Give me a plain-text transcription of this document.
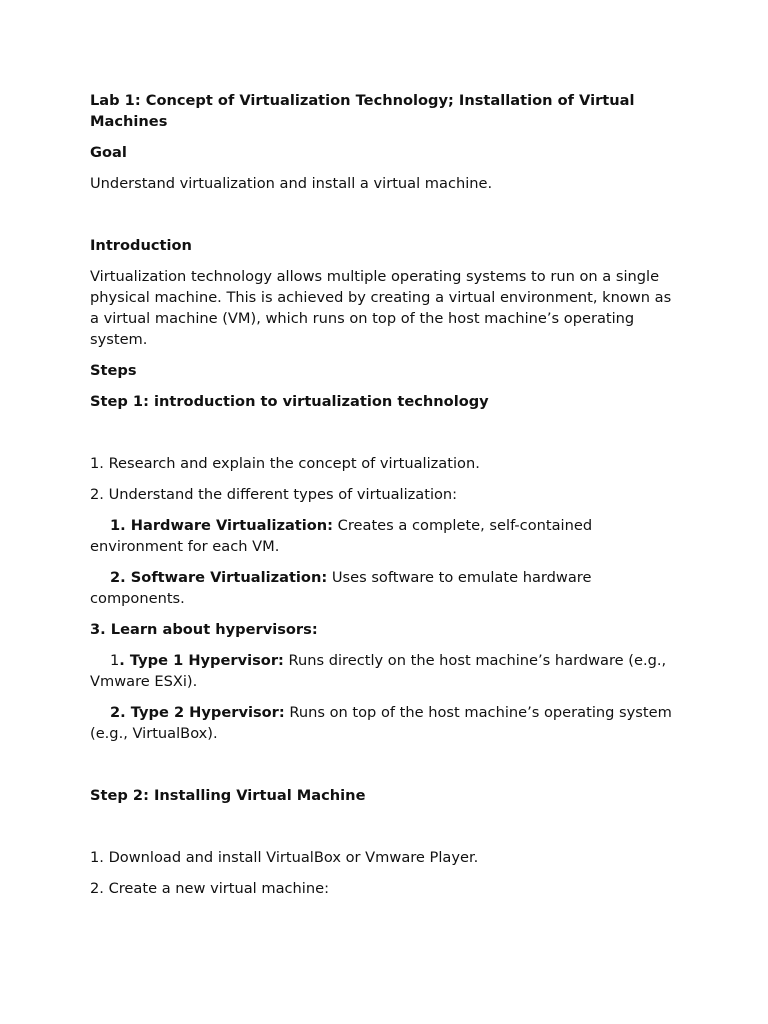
Lab 1: Concept of Virtualization Technology; Installation of Virtual Machines

Goal

Understand virtualization and install a virtual machine.

Introduction

Virtualization technology allows multiple operating systems to run on a single physical machine. This is achieved by creating a virtual environment, known as a virtual machine (VM), which runs on top of the host machine’s operating system.

Steps

Step 1: introduction to virtualization technology

1. Research and explain the concept of virtualization.

2. Understand the different types of virtualization:

1. Hardware Virtualization: Creates a complete, self-contained environment for each VM.

2. Software Virtualization: Uses software to emulate hardware components.

3. Learn about hypervisors:

1. Type 1 Hypervisor: Runs directly on the host machine’s hardware (e.g., Vmware ESXi).

2. Type 2 Hypervisor: Runs on top of the host machine’s operating system (e.g., VirtualBox).

Step 2: Installing Virtual Machine

1. Download and install VirtualBox or Vmware Player.

2. Create a new virtual machine:
